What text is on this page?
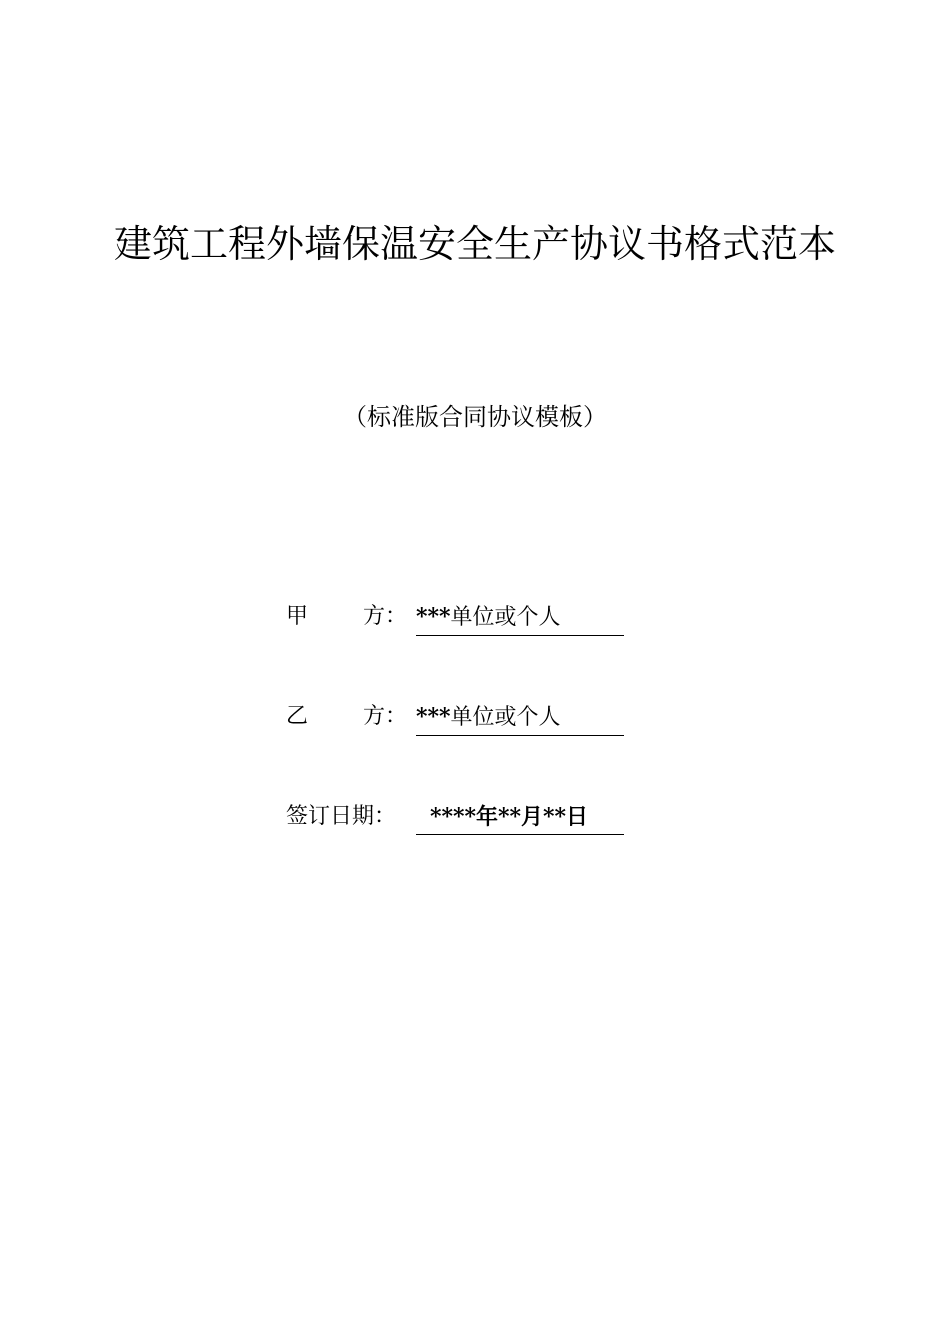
建筑工程外墙保温安全生产协议书格式范本
（标准版合同协议模板）
甲 方： ***单位或个人
乙 方： ***单位或个人
签订日期：	****年**月**日
